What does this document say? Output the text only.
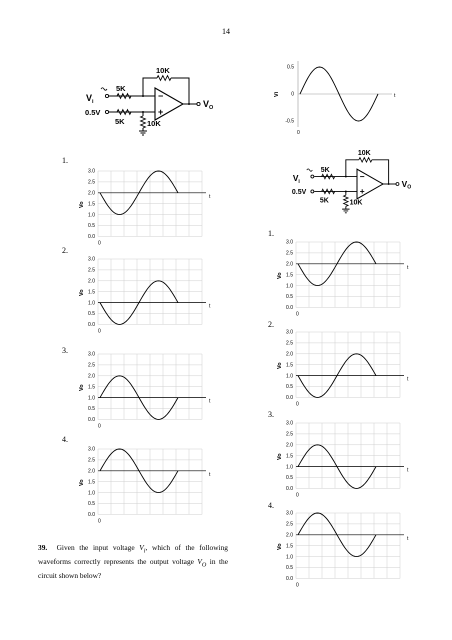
14
−
+
5K
V i
5K
0.5V
10K
10K
V O
−
+
5K
V i
5K
0.5V
10K
10K
V O
0.5
0
-0.5
t
0
Vi
3.0
2.5
2.0
1.5
1.0
0.5
0.0
Vo
0
t
3.0
2.5
2.0
1.5
1.0
0.5
0.0
Vo
0
t
3.0
2.5
2.0
1.5
1.0
0.5
0.0
Vo
0
t
3.0
2.5
2.0
1.5
1.0
0.5
0.0
Vo
0
t
3.0
2.5
2.0
1.5
1.0
0.5
0.0
Vo
0
t
3.0
2.5
2.0
1.5
1.0
0.5
0.0
Vo
0
t
3.0
2.5
2.0
1.5
1.0
0.5
0.0
Vo
0
t
3.0
2.5
2.0
1.5
1.0
0.5
0.0
Vo
0
t
1.
2.
3.
4.
1.
2.
3.
4.
39. Given the input voltage $V_i$, which of the following waveforms correctly represents the output voltage $V_O$ in the circuit shown below?
